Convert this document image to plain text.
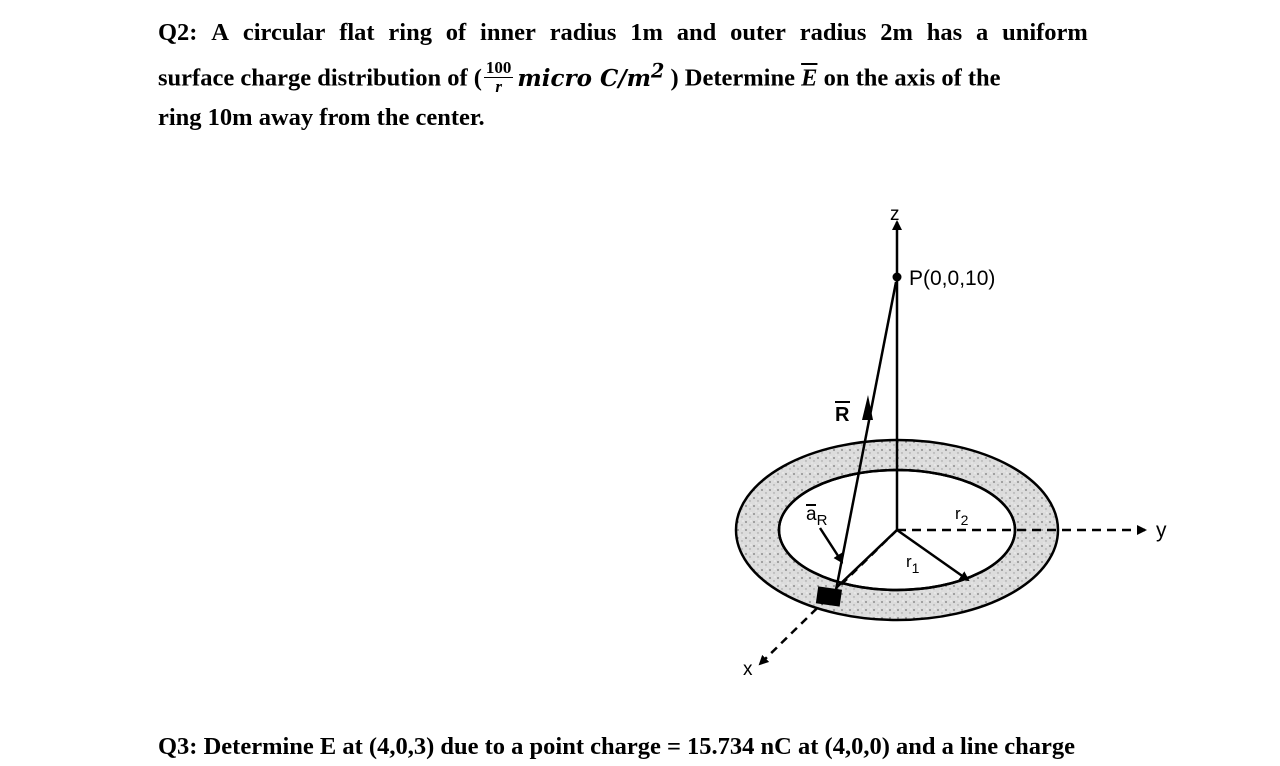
Q2: A circular flat ring of inner radius 1m and outer radius 2m has a uniform
surface charge distribution of ( $\frac{100}{r}$ micro $C/m^2$ ) Determine $\overline{E}$ on the axis of the
ring 10m away from the center.
z
P(0,0,10)
R
$a_R$	$r_2$
$r_1$
y
x
Q3: Determine E at (4,0,3) due to a point charge = 15.734 nC at (4,0,0) and a line charge
